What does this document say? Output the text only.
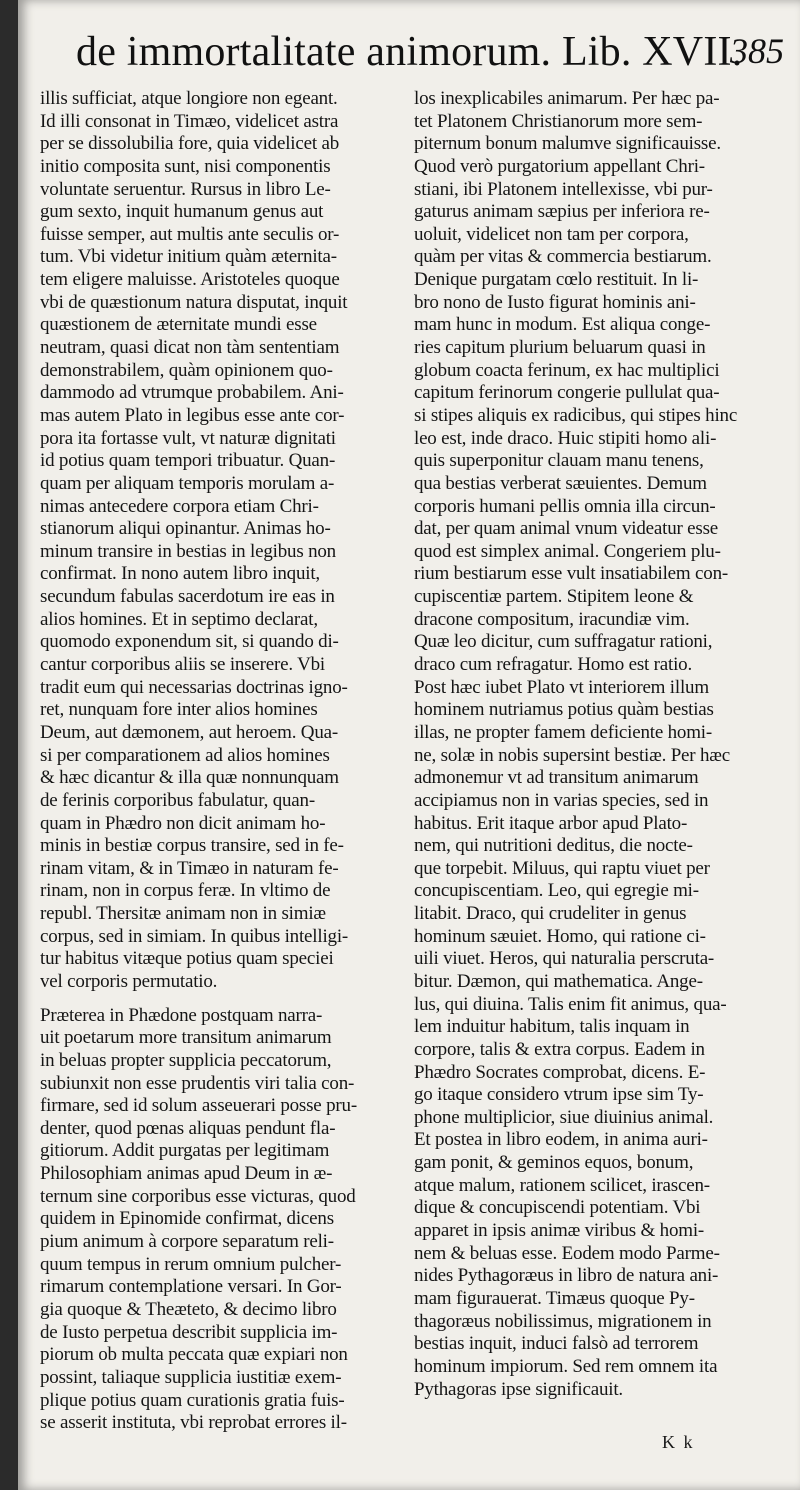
de immortalitate animorum. Lib. XVII.
385
illis sufficiat, atque longiore non egeant.
Id illi consonat in Timæo, videlicet astra
per se dissolubilia fore, quia videlicet ab
initio composita sunt, nisi componentis
voluntate seruentur. Rursus in libro Le-
gum sexto, inquit humanum genus aut
fuisse semper, aut multis ante seculis or-
tum. Vbi videtur initium quàm æternita-
tem eligere maluisse. Aristoteles quoque
vbi de quæstionum natura disputat, inquit
quæstionem de æternitate mundi esse
neutram, quasi dicat non tàm sententiam
demonstrabilem, quàm opinionem quo-
dammodo ad vtrumque probabilem. Ani-
mas autem Plato in legibus esse ante cor-
pora ita fortasse vult, vt naturæ dignitati
id potius quam tempori tribuatur. Quan-
quam per aliquam temporis morulam a-
nimas antecedere corpora etiam Chri-
stianorum aliqui opinantur. Animas ho-
minum transire in bestias in legibus non
confirmat. In nono autem libro inquit,
secundum fabulas sacerdotum ire eas in
alios homines. Et in septimo declarat,
quomodo exponendum sit, si quando di-
cantur corporibus aliis se inserere. Vbi
tradit eum qui necessarias doctrinas igno-
ret, nunquam fore inter alios homines
Deum, aut dæmonem, aut heroem. Qua-
si per comparationem ad alios homines
& hæc dicantur & illa quæ nonnunquam
de ferinis corporibus fabulatur, quan-
quam in Phædro non dicit animam ho-
minis in bestiæ corpus transire, sed in fe-
rinam vitam, & in Timæo in naturam fe-
rinam, non in corpus feræ. In vltimo de
republ. Thersitæ animam non in simiæ
corpus, sed in simiam. In quibus intelligi-
tur habitus vitæque potius quam speciei
vel corporis permutatio.
Præterea in Phædone postquam narra-
uit poetarum more transitum animarum
in beluas propter supplicia peccatorum,
subiunxit non esse prudentis viri talia con-
firmare, sed id solum asseuerari posse pru-
denter, quod pœnas aliquas pendunt fla-
gitiorum. Addit purgatas per legitimam
Philosophiam animas apud Deum in æ-
ternum sine corporibus esse victuras, quod
quidem in Epinomide confirmat, dicens
pium animum à corpore separatum reli-
quum tempus in rerum omnium pulcher-
rimarum contemplatione versari. In Gor-
gia quoque & Theæteto, & decimo libro
de Iusto perpetua describit supplicia im-
piorum ob multa peccata quæ expiari non
possint, taliaque supplicia iustitiæ exem-
plique potius quam curationis gratia fuis-
se asserit instituta, vbi reprobat errores il-
los inexplicabiles animarum. Per hæc pa-
tet Platonem Christianorum more sem-
piternum bonum malumve significauisse.
Quod verò purgatorium appellant Chri-
stiani, ibi Platonem intellexisse, vbi pur-
gaturus animam sæpius per inferiora re-
uoluit, videlicet non tam per corpora,
quàm per vitas & commercia bestiarum.
Denique purgatam cœlo restituit. In li-
bro nono de Iusto figurat hominis ani-
mam hunc in modum. Est aliqua conge-
ries capitum plurium beluarum quasi in
globum coacta ferinum, ex hac multiplici
capitum ferinorum congerie pullulat qua-
si stipes aliquis ex radicibus, qui stipes hinc
leo est, inde draco. Huic stipiti homo ali-
quis superponitur clauam manu tenens,
qua bestias verberat sæuientes. Demum
corporis humani pellis omnia illa circun-
dat, per quam animal vnum videatur esse
quod est simplex animal. Congeriem plu-
rium bestiarum esse vult insatiabilem con-
cupiscentiæ partem. Stipitem leone &
dracone compositum, iracundiæ vim.
Quæ leo dicitur, cum suffragatur rationi,
draco cum refragatur. Homo est ratio.
Post hæc iubet Plato vt interiorem illum
hominem nutriamus potius quàm bestias
illas, ne propter famem deficiente homi-
ne, solæ in nobis supersint bestiæ. Per hæc
admonemur vt ad transitum animarum
accipiamus non in varias species, sed in
habitus. Erit itaque arbor apud Plato-
nem, qui nutritioni deditus, die nocte-
que torpebit. Miluus, qui raptu viuet per
concupiscentiam. Leo, qui egregie mi-
litabit. Draco, qui crudeliter in genus
hominum sæuiet. Homo, qui ratione ci-
uili viuet. Heros, qui naturalia perscruta-
bitur. Dæmon, qui mathematica. Ange-
lus, qui diuina. Talis enim fit animus, qua-
lem induitur habitum, talis inquam in
corpore, talis & extra corpus. Eadem in
Phædro Socrates comprobat, dicens. E-
go itaque considero vtrum ipse sim Ty-
phone multiplicior, siue diuinius animal.
Et postea in libro eodem, in anima auri-
gam ponit, & geminos equos, bonum,
atque malum, rationem scilicet, irascen-
dique & concupiscendi potentiam. Vbi
apparet in ipsis animæ viribus & homi-
nem & beluas esse. Eodem modo Parme-
nides Pythagoræus in libro de natura ani-
mam figurauerat. Timæus quoque Py-
thagoræus nobilissimus, migrationem in
bestias inquit, induci falsò ad terrorem
hominum impiorum. Sed rem omnem ita
Pythagoras ipse significauit.
K k
